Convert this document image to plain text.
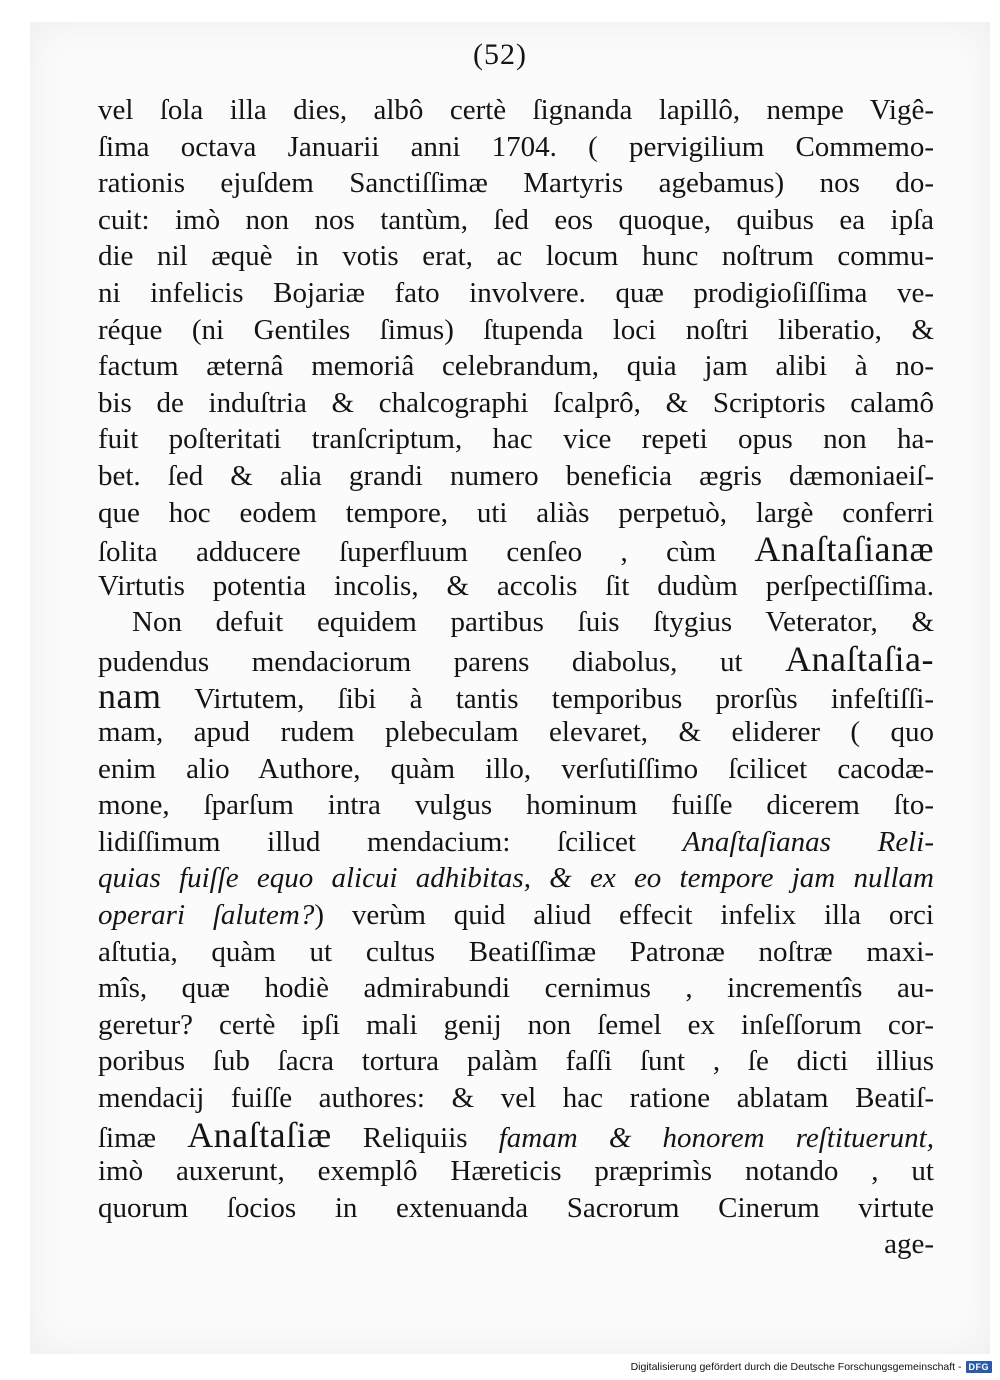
(52)
vel ſola illa dies, albô certè ſignanda lapillô, nempe Vigê-
ſima octava Januarii anni 1704. ( pervigilium Commemo-
rationis ejuſdem Sanctiſſimæ Martyris agebamus) nos do-
cuit: imò non nos tantùm, ſed eos quoque, quibus ea ipſa
die nil æquè in votis erat, ac locum hunc noſtrum commu-
ni infelicis Bojariæ fato involvere. quæ prodigioſiſſima ve-
réque (ni Gentiles ſimus) ſtupenda loci noſtri liberatio, &
factum æternâ memoriâ celebrandum, quia jam alibi à no-
bis de induſtria & chalcographi ſcalprô, & Scriptoris calamô
fuit poſteritati tranſcriptum, hac vice repeti opus non ha-
bet. ſed & alia grandi numero beneficia ægris dæmoniaeiſ-
que hoc eodem tempore, uti aliàs perpetuò, largè conferri
ſolita adducere ſuperfluum cenſeo , cùm Anaſtaſianæ
Virtutis potentia incolis, & accolis ſit dudùm perſpectiſſima.
Non defuit equidem partibus ſuis ſtygius Veterator, &
pudendus mendaciorum parens diabolus, ut Anaſtaſia-
nam Virtutem, ſibi à tantis temporibus prorſùs infeſtiſſi-
mam, apud rudem plebeculam elevaret, & eliderer ( quo
enim alio Authore, quàm illo, verſutiſſimo ſcilicet cacodæ-
mone, ſparſum intra vulgus hominum fuiſſe dicerem ſto-
lidiſſimum illud mendacium: ſcilicet Anaſtaſianas Reli-
quias fuiſſe equo alicui adhibitas, & ex eo tempore jam nullam
operari ſalutem?) verùm quid aliud effecit infelix illa orci
aſtutia, quàm ut cultus Beatiſſimæ Patronæ noſtræ maxi-
mîs, quæ hodiè admirabundi cernimus , incrementîs au-
geretur? certè ipſi mali genij non ſemel ex inſeſſorum cor-
poribus ſub ſacra tortura palàm faſſi ſunt , ſe dicti illius
mendacij fuiſſe authores: & vel hac ratione ablatam Beatiſ-
ſimæ Anaſtaſiæ Reliquiis famam & honorem reſtituerunt,
imò auxerunt, exemplô Hæreticis præprimìs notando , ut
quorum ſocios in extenuanda Sacrorum Cinerum virtute
age-
Digitalisierung gefördert durch die Deutsche Forschungsgemeinschaft - DFG
